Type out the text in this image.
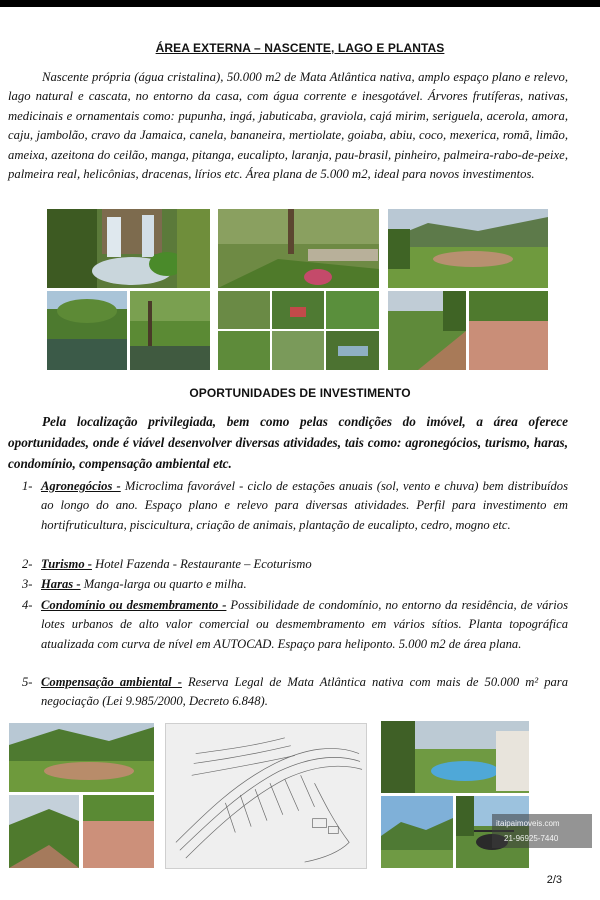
ÁREA EXTERNA – NASCENTE, LAGO E PLANTAS
Nascente própria (água cristalina), 50.000 m2 de Mata Atlântica nativa, amplo espaço plano e relevo, lago natural e cascata, no entorno da casa, com água corrente e inesgotável. Árvores frutíferas, nativas, medicinais e ornamentais como: pupunha, ingá, jabuticaba, graviola, cajá mirim, seriguela, acerola, amora, caju, jambolão, cravo da Jamaica, canela, bananeira, mertiolate, goiaba, abiu, coco, mexerica, romã, limão, ameixa, azeitona do ceilão, manga, pitanga, eucalipto, laranja, pau-brasil, pinheiro, palmeira-rabo-de-peixe, palmeira real, helicônias, dracenas, lírios etc. Área plana de 5.000 m2, ideal para novos investimentos.
OPORTUNIDADES DE INVESTIMENTO
Pela localização privilegiada, bem como pelas condições do imóvel, a área oferece oportunidades, onde é viável desenvolver diversas atividades, tais como: agronegócios, turismo, haras, condomínio, compensação ambiental etc.
1- Agronegócios - Microclima favorável - ciclo de estações anuais (sol, vento e chuva) bem distribuídos ao longo do ano. Espaço plano e relevo para diversas atividades. Perfil para investimento em hortifruticultura, piscicultura, criação de animais, plantação de eucalipto, cedro, mogno etc.
2- Turismo - Hotel Fazenda - Restaurante – Ecoturismo
3- Haras - Manga-larga ou quarto e milha.
4- Condomínio ou desmembramento - Possibilidade de condomínio, no entorno da residência, de vários lotes urbanos de alto valor comercial ou desmembramento em vários sítios. Planta topográfica atualizada com curva de nível em AUTOCAD. Espaço para heliponto. 5.000 m2 de área plana.
5- Compensação ambiental - Reserva Legal de Mata Atlântica nativa com mais de 50.000 m² para negociação (Lei 9.985/2000, Decreto 6.848).
itaipaimoveis.com
21-96925-7440
2/3
